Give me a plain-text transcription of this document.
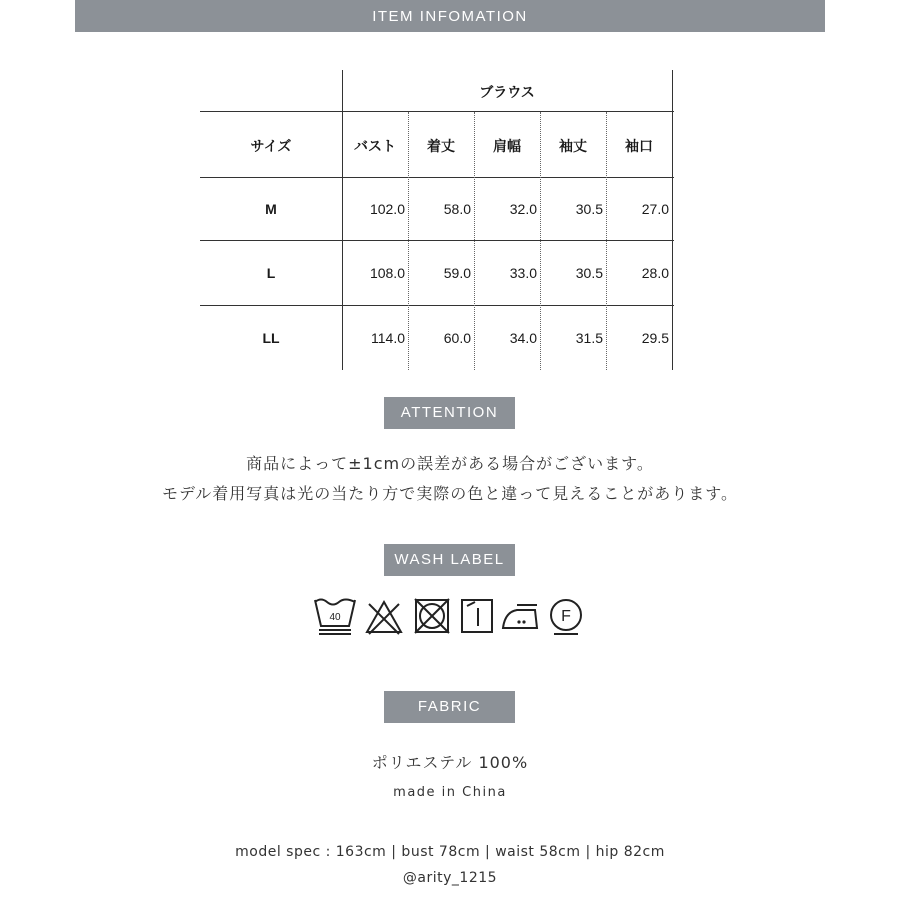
ITEM INFOMATION
ブラウス
サイズ	バスト	着丈	肩幅	袖丈	袖口
M	102.0	58.0	32.0	30.5	27.0
L	108.0	59.0	33.0	30.5	28.0
LL	114.0	60.0	34.0	31.5	29.5
ATTENTION
商品によって±1cmの誤差がある場合がございます。
モデル着用写真は光の当たり方で実際の色と違って見えることがあります。
WASH LABEL
40	F
FABRIC
ポリエステル 100%
made in China
model spec : 163cm | bust 78cm | waist 58cm | hip 82cm
@arity_1215
